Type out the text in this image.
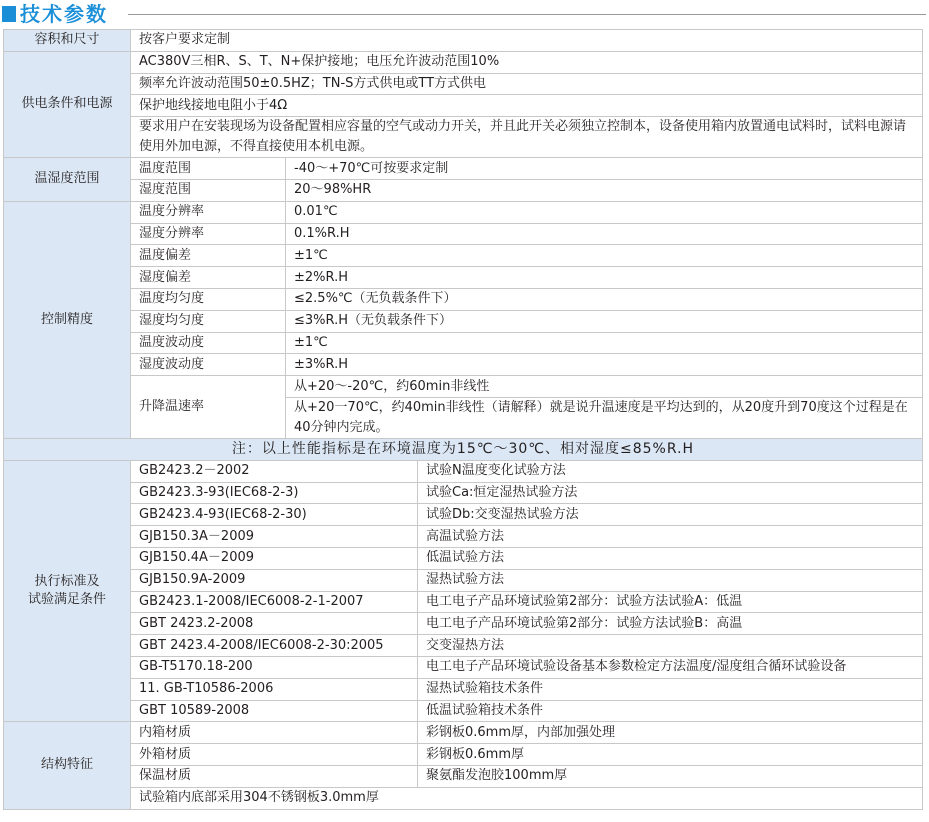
技术参数
容积和尺寸	按客户要求定制		
供电条件和电源	AC380V三相R、S、T、N+保护接地；电压允许波动范围10%		
	频率允许波动范围50±0.5HZ；TN-S方式供电或TT方式供电		
	保护地线接地电阻小于4Ω		
	要求用户在安装现场为设备配置相应容量的空气或动力开关，并且此开关必须独立控制本，设备使用箱内放置通电试料时，试料电源请使用外加电源，不得直接使用本机电源。		

温湿度范围	温度范围	-40～+70℃可按要求定制	
	湿度范围	20～98%HR	
控制精度	温度分辨率	0.01℃	
	湿度分辨率	0.1%R.H	
	温度偏差	±1℃	
	湿度偏差	±2%R.H	
	温度均匀度	≤2.5%℃（无负载条件下）	
	湿度均匀度	≤3%R.H（无负载条件下）	
	温度波动度	±1℃	
	湿度波动度	±3%R.H	
	升降温速率	从+20～-20℃，约60min非线性	
		从+20一70℃，约40min非线性（请解释）就是说升温速度是平均达到的，从20度升到70度这个过程是在40分钟内完成。	

注：以上性能指标是在环境温度为15℃～30℃、相对湿度≤85%R.H			
执行标准及
试验满足条件	GB2423.2－2002		试验N温度变化试验方法
	GB2423.3-93(IEC68-2-3)		试验Ca:恒定湿热试验方法
	GB2423.4-93(IEC68-2-30)		试验Db:交变湿热试验方法
	GJB150.3A－2009		高温试验方法
	GJB150.4A－2009		低温试验方法
	GJB150.9A-2009		湿热试验方法
	GB2423.1-2008/IEC6008-2-1-2007		电工电子产品环境试验第2部分：试验方法试验A：低温
	GBT 2423.2-2008		电工电子产品环境试验第2部分：试验方法试验B：高温
	GBT 2423.4-2008/IEC6008-2-30:2005		交变湿热方法
	GB-T5170.18-200		电工电子产品环境试验设备基本参数检定方法温度/湿度组合循环试验设备
	11. GB-T10586-2006		湿热试验箱技术条件
	GBT 10589-2008		低温试验箱技术条件
结构特征	内箱材质		彩钢板0.6mm厚，内部加强处理
	外箱材质		彩钢板0.6mm厚
	保温材质		聚氨酯发泡胶100mm厚
	试验箱内底部采用304不锈钢板3.0mm厚		
